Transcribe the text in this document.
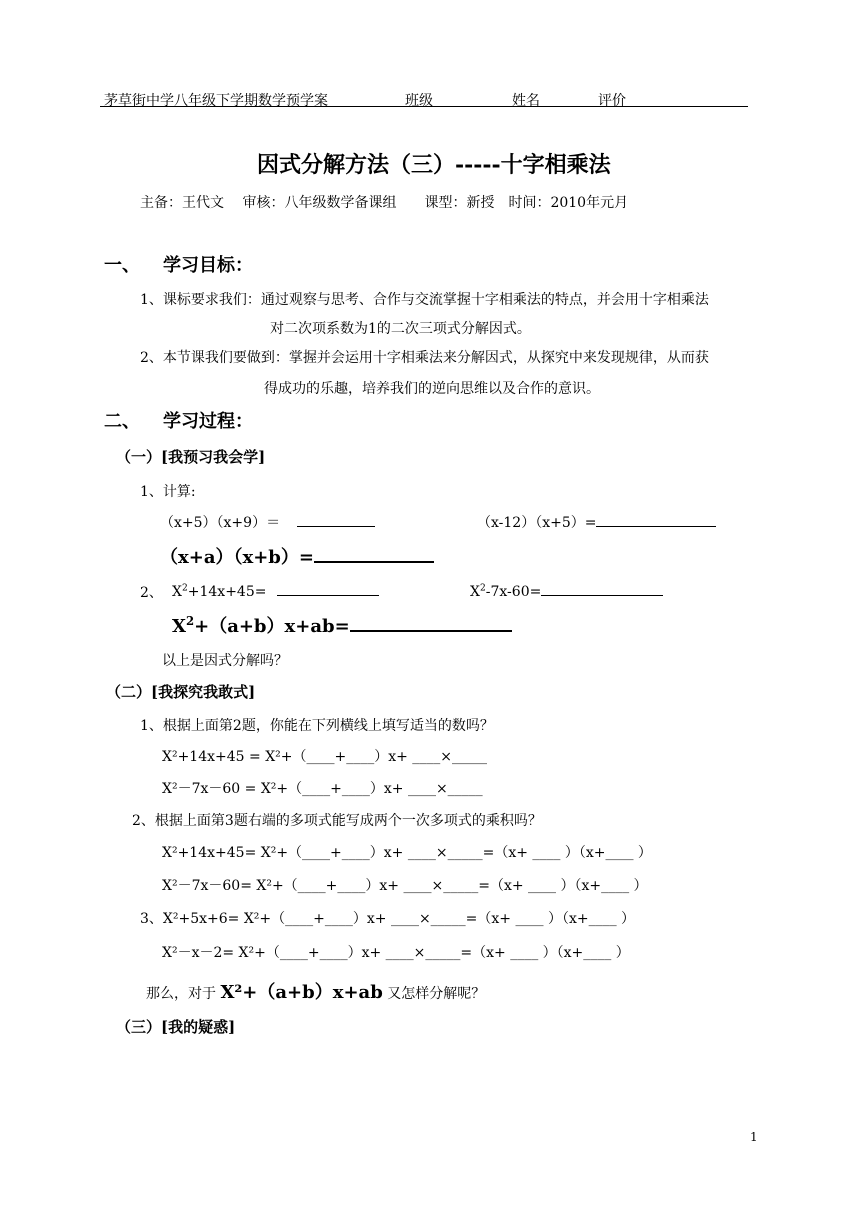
茅草街中学八年级下学期数学预学案	班级	姓名	评价
因式分解方法（三）-----十字相乘法
主备：王代文　 审核：八年级数学备课组　　课型：新授　时间：2010年元月
一、 学习目标：
1、课标要求我们：通过观察与思考、合作与交流掌握十字相乘法的特点，并会用十字相乘法
对二次项系数为1的二次三项式分解因式。
2、本节课我们要做到：掌握并会运用十字相乘法来分解因式，从探究中来发现规律，从而获
得成功的乐趣，培养我们的逆向思维以及合作的意识。
二、 学习过程：
（一）[我预习我会学]
1、计算:
（x+5）（x+9）＝	（x-12）（x+5）=
（x+a）（x+b）=
2、 $X^2+14x+45=$	$X^2-7x-60=$
$X^2+(a+b)x+ab=$
以上是因式分解吗？
（二）[我探究我敢式]
1、根据上面第2题，你能在下列横线上填写适当的数吗？
X²+14x+45 = X²+（____+____）x+ ____×_____
X²－7x－60 = X²+（____+____）x+ ____×_____
2、根据上面第3题右端的多项式能写成两个一次多项式的乘积吗？
X²+14x+45= X²+（____+____）x+ ____×_____=（x+ ____ ）（x+____ ）
X²－7x－60= X²+（____+____）x+ ____×_____=（x+ ____ ）（x+____ ）
3、X²+5x+6= X²+（____+____）x+ ____×_____=（x+ ____ ）（x+____ ）
X²－x－2= X²+（____+____）x+ ____×_____=（x+ ____ ）（x+____ ）
那么，对于 X²+（a+b）x+ab 又怎样分解呢？
（三）[我的疑惑]
1
